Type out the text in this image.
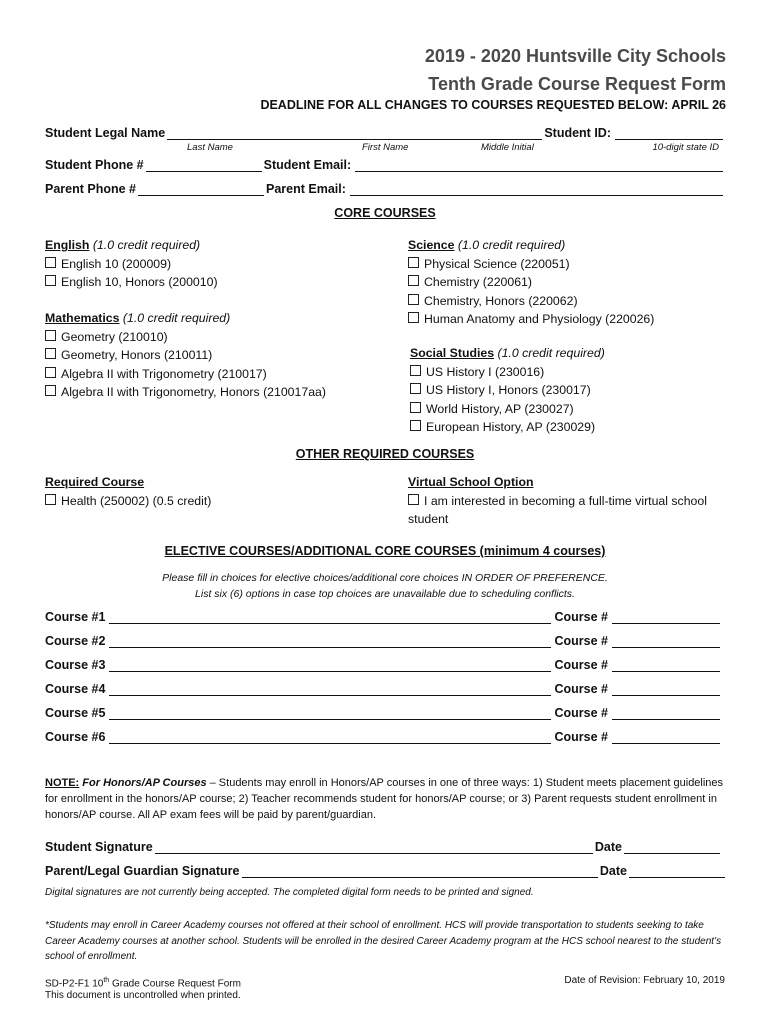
2019 - 2020 Huntsville City Schools
Tenth Grade Course Request Form
DEADLINE FOR ALL CHANGES TO COURSES REQUESTED BELOW: APRIL 26
Student Legal Name	Student ID:
Last Name	First Name	Middle Initial	10-digit state ID
Student Phone #	Student Email:
Parent Phone #	Parent Email:
CORE COURSES
English (1.0 credit required)
English 10 (200009)
English 10, Honors (200010)
Mathematics (1.0 credit required)
Geometry (210010)
Geometry, Honors (210011)
Algebra II with Trigonometry (210017)
Algebra II with Trigonometry, Honors (210017aa)
Science (1.0 credit required)
Physical Science (220051)
Chemistry (220061)
Chemistry, Honors (220062)
Human Anatomy and Physiology (220026)
Social Studies (1.0 credit required)
US History I (230016)
US History I, Honors (230017)
World History, AP (230027)
European History, AP (230029)
OTHER REQUIRED COURSES
Required Course
Health (250002) (0.5 credit)
Virtual School Option
I am interested in becoming a full-time virtual school
student
ELECTIVE COURSES/ADDITIONAL CORE COURSES (minimum 4 courses)
Please fill in choices for elective choices/additional core choices IN ORDER OF PREFERENCE.
List six (6) options in case top choices are unavailable due to scheduling conflicts.
Course #1	Course #
Course #2	Course #
Course #3	Course #
Course #4	Course #
Course #5	Course #
Course #6	Course #
NOTE: For Honors/AP Courses – Students may enroll in Honors/AP courses in one of three ways: 1) Student meets placement guidelines for enrollment in the honors/AP course; 2) Teacher recommends student for honors/AP course; or 3) Parent requests student enrollment in honors/AP course. All AP exam fees will be paid by parent/guardian.
Student Signature	Date
Parent/Legal Guardian Signature	Date
Digital signatures are not currently being accepted. The completed digital form needs to be printed and signed.
*Students may enroll in Career Academy courses not offered at their school of enrollment. HCS will provide transportation to students seeking to take Career Academy courses at another school. Students will be enrolled in the desired Career Academy program at the HCS school nearest to the student’s school of enrollment.
SD-P2-F1 10th Grade Course Request Form
This document is uncontrolled when printed.
Date of Revision: February 10, 2019
